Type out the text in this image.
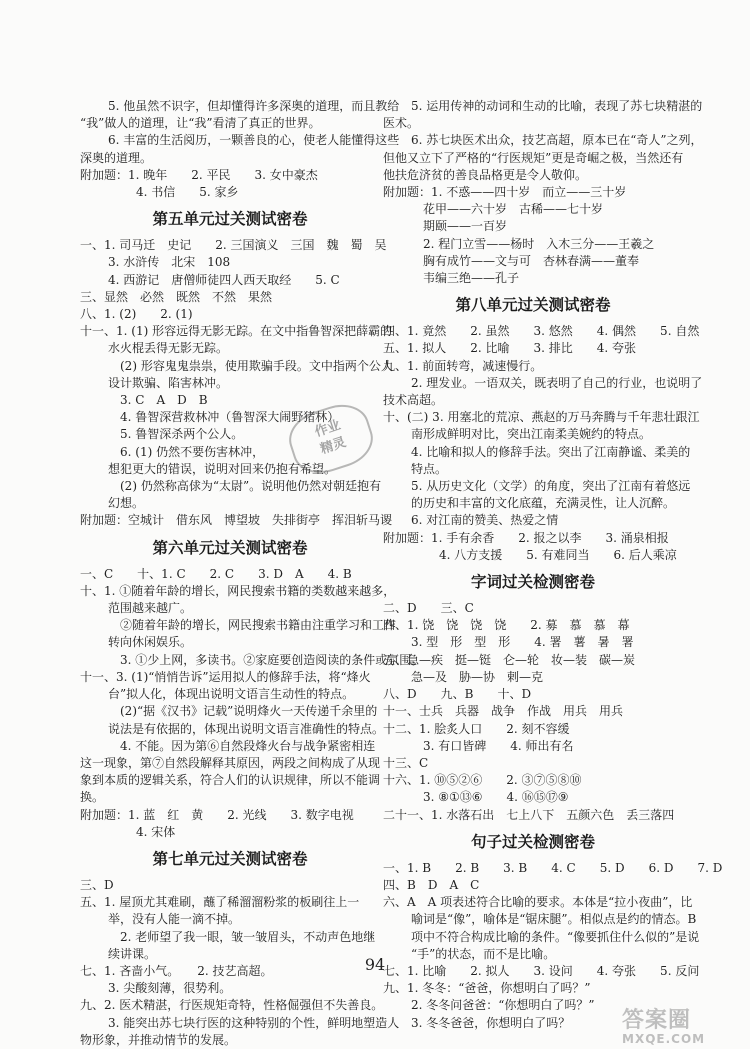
5. 他虽然不识字，但却懂得许多深奥的道理，而且教给
“我”做人的道理，让“我”看清了真正的世界。
6. 丰富的生活阅历，一颗善良的心，使老人能懂得这些
深奥的道理。
附加题：1. 晚年　　2. 平民　　3. 女中豪杰
4. 书信　　5. 家乡
第五单元过关测试密卷
一、1. 司马迁　史记　　2. 三国演义　三国　魏　蜀　吴
3. 水浒传　北宋　108
4. 西游记　唐僧师徒四人西天取经　　5. C
三、显然　必然　既然　不然　果然
八、1. (2)　　2. (1)
十一、1. (1) 形容远得无影无踪。在文中指鲁智深把薛霸的
水火棍丢得无影无踪。
(2) 形容鬼鬼祟祟，使用欺骗手段。文中指两个公人
设计欺骗、陷害林冲。
3. C　A　D　B
4. 鲁智深营救林冲（鲁智深大闹野猪林）
5. 鲁智深杀两个公人。
6. (1) 仍然不要伤害林冲，
想犯更大的错误，说明对回来仍抱有希望。
(2) 仍然称高俅为“太尉”。说明他仍然对朝廷抱有
幻想。
附加题：空城计　借东风　博望坡　失排街亭　挥泪斩马谡
第六单元过关测试密卷
一、C　　十、1. C　　2. C　　3. D　A　　4. B
十、1. ①随着年龄的增长，网民搜索书籍的类数越来越多，
范围越来越广。
②随着年龄的增长，网民搜索书籍由注重学习和工作
转向休闲娱乐。
3. ①少上网，多读书。②家庭要创造阅读的条件或氛围。
十一、3. (1)“悄悄告诉”运用拟人的修辞手法，将“烽火
台”拟人化，体现出说明文语言生动性的特点。
(2)“据《汉书》记载”说明烽火一天传递千余里的
说法是有依据的，体现出说明文语言准确性的特点。
4. 不能。因为第⑥自然段烽火台与战争紧密相连
这一现象，第⑦自然段解释其原因，两段之间构成了从现
象到本质的逻辑关系，符合人们的认识规律，所以不能调
换。
附加题：1. 蓝　红　黄　　2. 光线　　3. 数字电视
4. 宋体
第七单元过关测试密卷
三、D
五、1. 屋顶尤其难刷，蘸了稀溜溜粉浆的板刷往上一
举，没有人能一滴不掉。
2. 老师望了我一眼，皱一皱眉头，不动声色地继
续讲课。
七、1. 吝啬小气。　　2. 技艺高超。
3. 尖酸刻薄，很势利。
九、2. 医术精湛，行医规矩奇特，性格倔强但不失善良。
3. 能突出苏七块行医的这种特别的个性，鲜明地塑造人
物形象，并推动情节的发展。
5. 运用传神的动词和生动的比喻，表现了苏七块精湛的
医术。
6. 苏七块医术出众，技艺高超，原本已在“奇人”之列，
但他又立下了严格的“行医规矩”更是奇崛之极，当然还有
他扶危济贫的善良品格更是令人敬仰。
附加题：1. 不惑——四十岁　而立——三十岁
花甲——六十岁　古稀——七十岁
期颐——一百岁
2. 程门立雪——杨时　入木三分——王羲之
胸有成竹——文与可　杏林春满——董奉
韦编三绝——孔子
第八单元过关测试密卷
四、1. 竟然　　2. 虽然　　3. 悠然　　4. 偶然　　5. 自然
五、1. 拟人　　2. 比喻　　3. 排比　　4. 夸张
九、1. 前面转弯，减速慢行。
2. 理发业。一语双关，既表明了自己的行业，也说明了
技术高超。
十、(二) 3. 用塞北的荒凉、燕赵的万马奔腾与千年悲壮跟江
南形成鲜明对比，突出江南柔美婉约的特点。
4. 比喻和拟人的修辞手法。突出了江南静谧、柔美的
特点。
5. 从历史文化（文学）的角度，突出了江南有着悠远
的历史和丰富的文化底蕴，充满灵性，让人沉醉。
6. 对江南的赞美、热爱之情
附加题：1. 手有余香　　2. 报之以李　　3. 涌泉相报
4. 八方支援　　5. 有难同当　　6. 后人乘凉
字词过关检测密卷
二、D　　三、C
四、1. 饶　饶　饶　饶　　2. 募　慕　慕　幕
3. 型　形　型　形　　4. 署　薯　暑　署
五、急—疾　挺—铤　仑—轮　妆—装　碳—炭
急—及　胁—协　剌—克
八、D　　九、B　　十、D
十一、士兵　兵器　战争　作战　用兵　用兵
十二、1. 脍炙人口　　2. 刻不容缓
3. 有口皆碑　　4. 师出有名
十三、C
十六、1. ⑩⑤②⑥　　2. ③⑦⑤⑧⑩
3. ⑧①⑬⑥　　4. ⑯⑮⑰⑨
二十一、1. 水落石出　七上八下　五颜六色　丢三落四
句子过关检测密卷
一、1. B　　2. B　　3. B　　4. C　　5. D　　6. D　　7. D
四、B　D　A　C
六、A　A 项表述符合比喻的要求。本体是“拉小夜曲”，比
喻词是“像”，喻体是“锯床腿”。相似点是约的情态。B
项中不符合构成比喻的条件。“像要抓住什么似的”是说
“手”的状态，而不是比喻。
七、1. 比喻　　2. 拟人　　3. 设问　　4. 夸张　　5. 反问
九、1. 冬冬：“爸爸，你想明白了吗？”
2. 冬冬问爸爸：“你想明白了吗？”
3. 冬冬爸爸，你想明白了吗？
94
作业
精灵
答案圈
MXQE.COM
